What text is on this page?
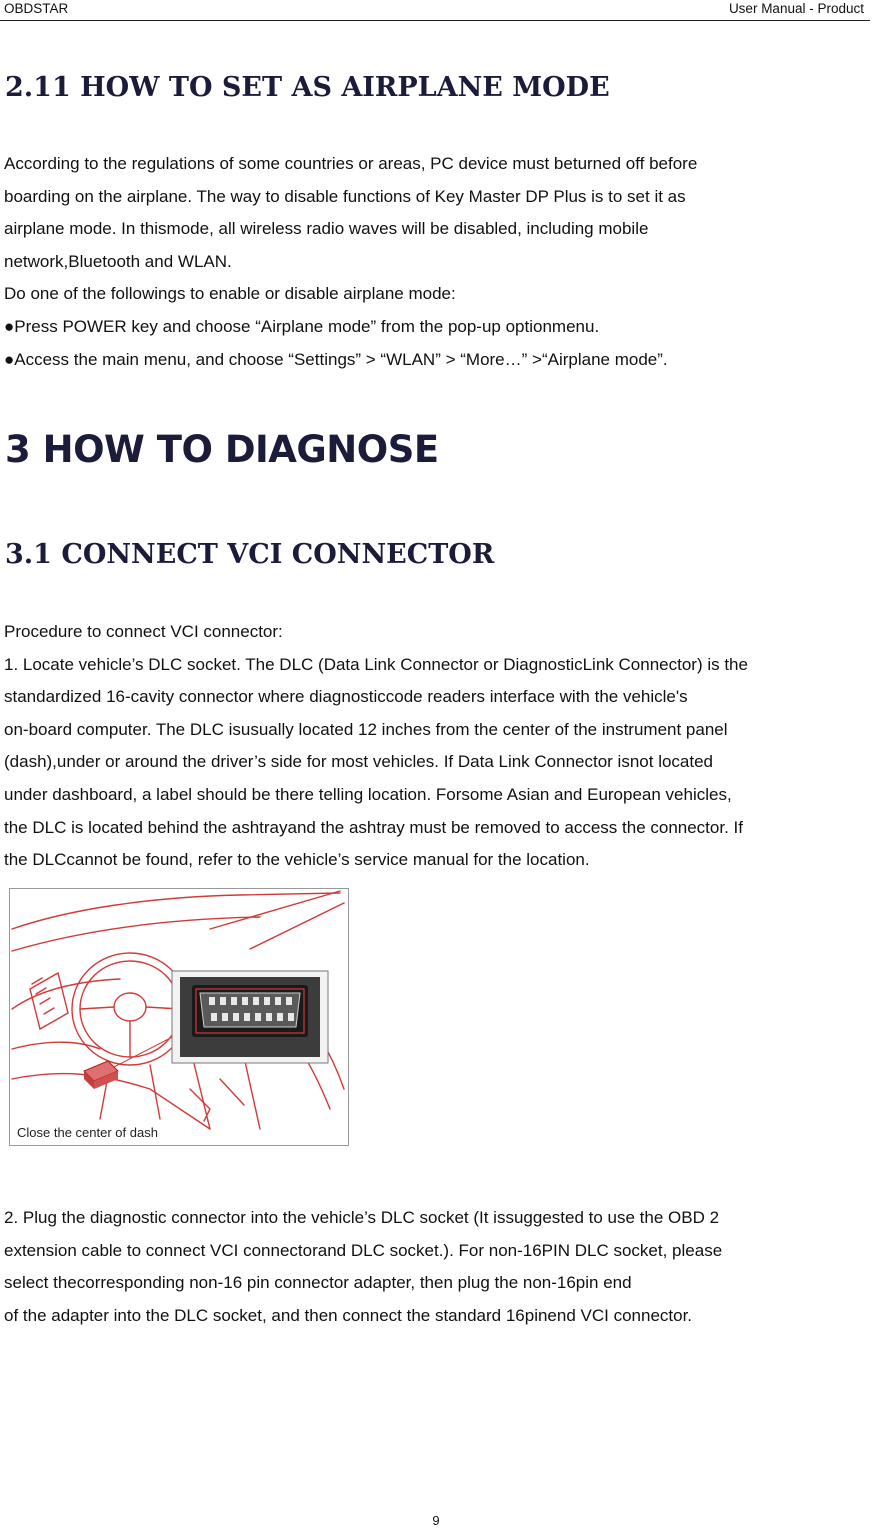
OBDSTAR	User Manual - Product
2.11 HOW TO SET AS AIRPLANE MODE
According to the regulations of some countries or areas, PC device must beturned off before
boarding on the airplane. The way to disable functions of Key Master DP Plus is to set it as
airplane mode. In thismode, all wireless radio waves will be disabled, including mobile
network,Bluetooth and WLAN.
Do one of the followings to enable or disable airplane mode:
●Press POWER key and choose “Airplane mode” from the pop-up optionmenu.
●Access the main menu, and choose “Settings” > “WLAN” > “More…” >“Airplane mode”.
3 HOW TO DIAGNOSE
3.1 CONNECT VCI CONNECTOR
Procedure to connect VCI connector:
1. Locate vehicle’s DLC socket. The DLC (Data Link Connector or DiagnosticLink Connector) is the
standardized 16-cavity connector where diagnosticcode readers interface with the vehicle's
on-board computer. The DLC isusually located 12 inches from the center of the instrument panel
(dash),under or around the driver’s side for most vehicles. If Data Link Connector isnot located
under dashboard, a label should be there telling location. Forsome Asian and European vehicles,
the DLC is located behind the ashtrayand the ashtray must be removed to access the connector. If
the DLCcannot be found, refer to the vehicle’s service manual for the location.
Close the center of dash
2. Plug the diagnostic connector into the vehicle’s DLC socket (It issuggested to use the OBD 2
extension cable to connect VCI connectorand DLC socket.). For non-16PIN DLC socket, please
select thecorresponding non-16 pin connector adapter, then plug the non-16pin end
of the adapter into the DLC socket, and then connect the standard 16pinend VCI connector.
9
